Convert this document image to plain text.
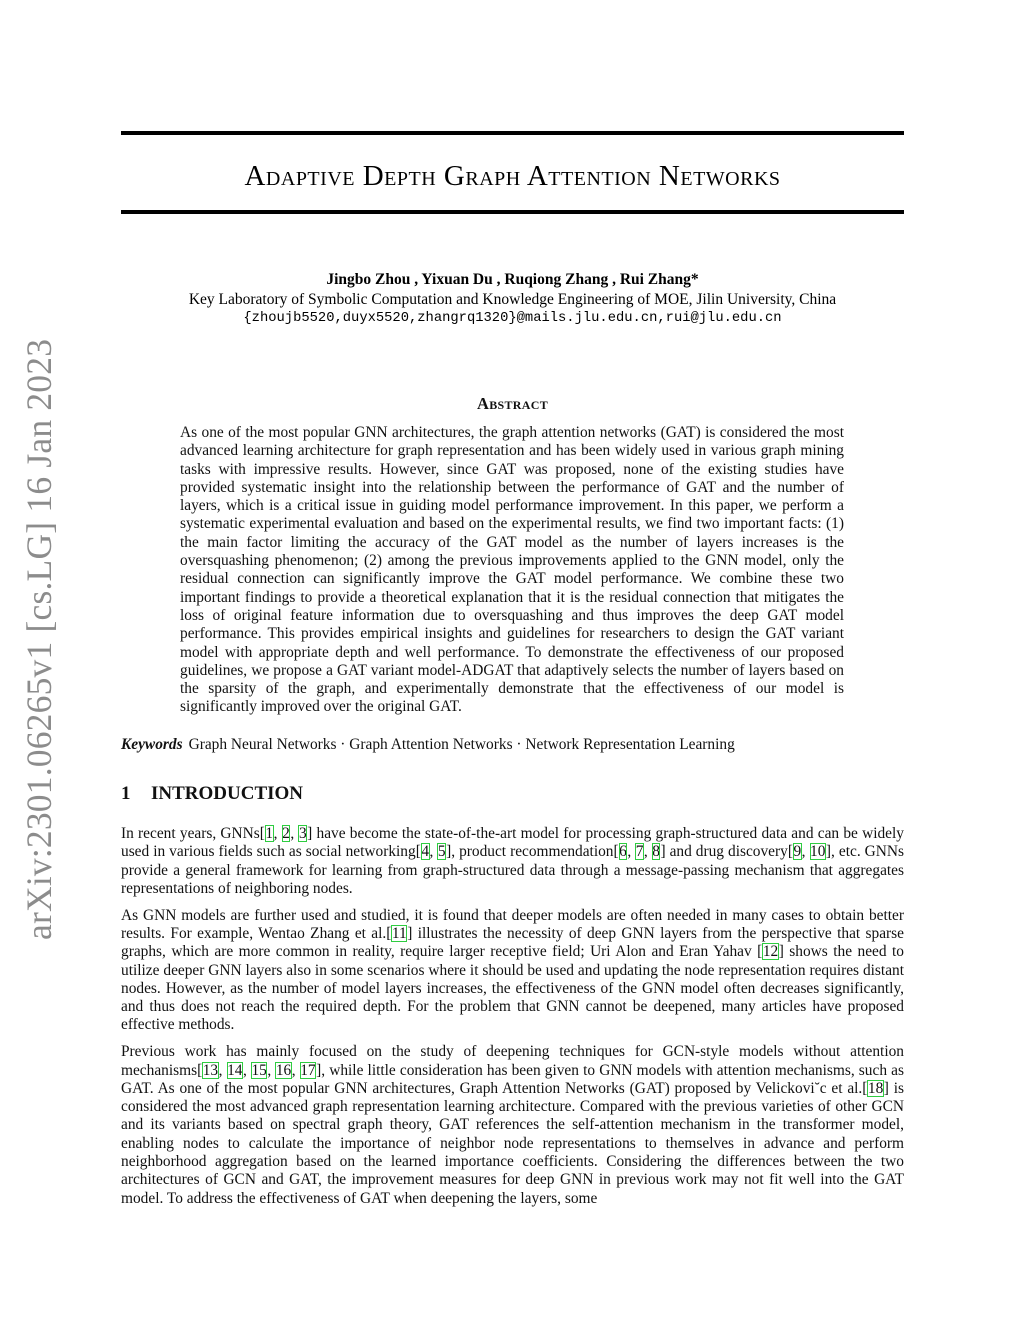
arXiv:2301.06265v1 [cs.LG] 16 Jan 2023
Adaptive Depth Graph Attention Networks
Jingbo Zhou , Yixuan Du , Ruqiong Zhang , Rui Zhang*
Key Laboratory of Symbolic Computation and Knowledge Engineering of MOE, Jilin University, China
{zhoujb5520,duyx5520,zhangrq1320}@mails.jlu.edu.cn,rui@jlu.edu.cn
Abstract

As one of the most popular GNN architectures, the graph attention networks (GAT) is considered the most advanced learning architecture for graph representation and has been widely used in various graph mining tasks with impressive results. However, since GAT was proposed, none of the existing studies have provided systematic insight into the relationship between the performance of GAT and the number of layers, which is a critical issue in guiding model performance improvement. In this paper, we perform a systematic experimental evaluation and based on the experimental results, we find two important facts: (1) the main factor limiting the accuracy of the GAT model as the number of layers increases is the oversquashing phenomenon; (2) among the previous improvements applied to the GNN model, only the residual connection can significantly improve the GAT model performance. We combine these two important findings to provide a theoretical explanation that it is the residual connection that mitigates the loss of original feature information due to oversquashing and thus improves the deep GAT model performance. This provides empirical insights and guidelines for researchers to design the GAT variant model with appropriate depth and well performance. To demonstrate the effectiveness of our proposed guidelines, we propose a GAT variant model-ADGAT that adaptively selects the number of layers based on the sparsity of the graph, and experimentally demonstrate that the effectiveness of our model is significantly improved over the original GAT.

Keywords Graph Neural Networks · Graph Attention Networks · Network Representation Learning

1 INTRODUCTION

In recent years, GNNs[1, 2, 3] have become the state-of-the-art model for processing graph-structured data and can be widely used in various fields such as social networking[4, 5], product recommendation[6, 7, 8] and drug discovery[9, 10], etc. GNNs provide a general framework for learning from graph-structured data through a message-passing mechanism that aggregates representations of neighboring nodes.

As GNN models are further used and studied, it is found that deeper models are often needed in many cases to obtain better results. For example, Wentao Zhang et al.[11] illustrates the necessity of deep GNN layers from the perspective that sparse graphs, which are more common in reality, require larger receptive field; Uri Alon and Eran Yahav [12] shows the need to utilize deeper GNN layers also in some scenarios where it should be used and updating the node representation requires distant nodes. However, as the number of model layers increases, the effectiveness of the GNN model often decreases significantly, and thus does not reach the required depth. For the problem that GNN cannot be deepened, many articles have proposed effective methods.

Previous work has mainly focused on the study of deepening techniques for GCN-style models without attention mechanisms[13, 14, 15, 16, 17], while little consideration has been given to GNN models with attention mechanisms, such as GAT. As one of the most popular GNN architectures, Graph Attention Networks (GAT) proposed by Velickovi˘c et al.[18] is considered the most advanced graph representation learning architecture. Compared with the previous varieties of other GCN and its variants based on spectral graph theory, GAT references the self-attention mechanism in the transformer model, enabling nodes to calculate the importance of neighbor node representations to themselves in advance and perform neighborhood aggregation based on the learned importance coefficients. Considering the differences between the two architectures of GCN and GAT, the improvement measures for deep GNN in previous work may not fit well into the GAT model. To address the effectiveness of GAT when deepening the layers, some
